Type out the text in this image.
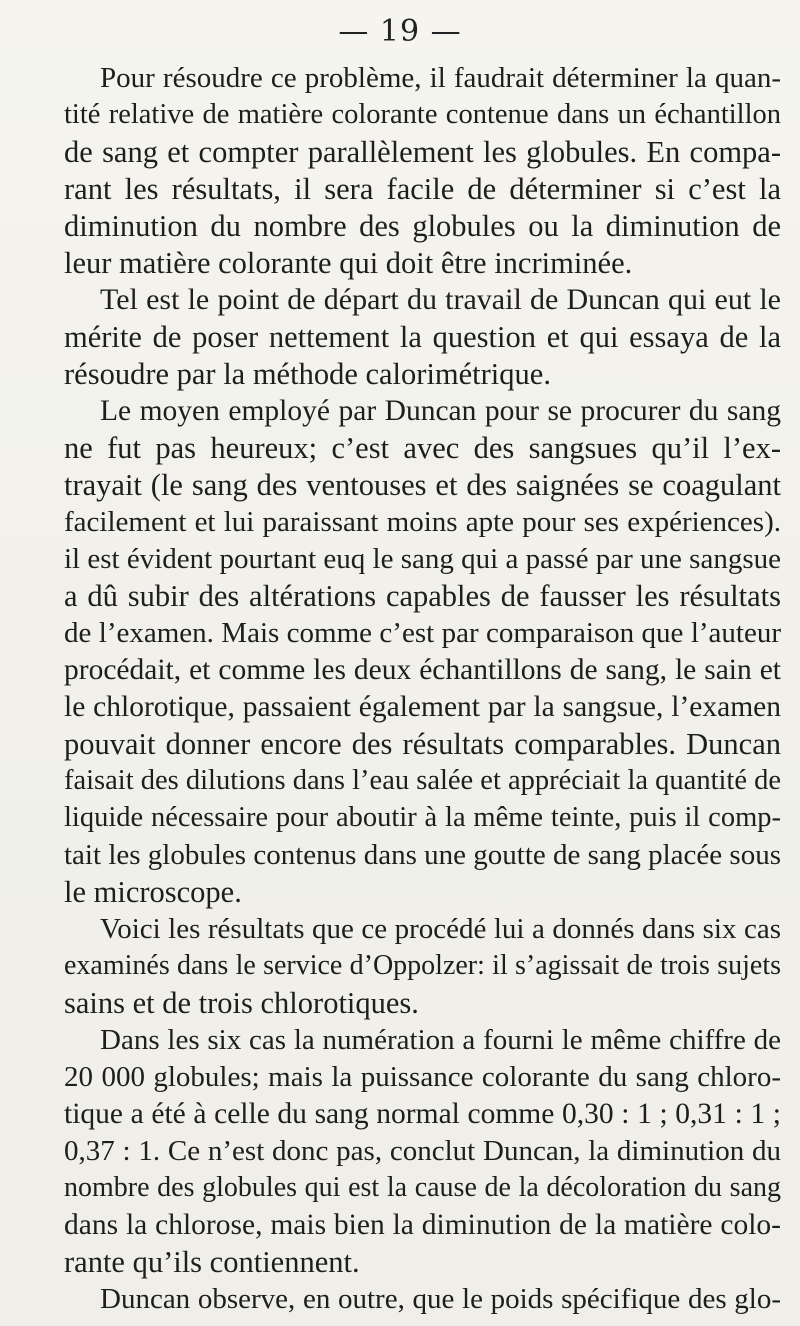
— 19 —
Pour résoudre ce problème, il faudrait déterminer la quan-
tité relative de matière colorante contenue dans un échantillon
de sang et compter parallèlement les globules. En compa-
rant les résultats, il sera facile de déterminer si c’est la
diminution du nombre des globules ou la diminution de
leur matière colorante qui doit être incriminée.
Tel est le point de départ du travail de Duncan qui eut le
mérite de poser nettement la question et qui essaya de la
résoudre par la méthode calorimétrique.
Le moyen employé par Duncan pour se procurer du sang
ne fut pas heureux; c’est avec des sangsues qu’il l’ex-
trayait (le sang des ventouses et des saignées se coagulant
facilement et lui paraissant moins apte pour ses expériences).
il est évident pourtant euq le sang qui a passé par une sangsue
a dû subir des altérations capables de fausser les résultats
de l’examen. Mais comme c’est par comparaison que l’auteur
procédait, et comme les deux échantillons de sang, le sain et
le chlorotique, passaient également par la sangsue, l’examen
pouvait donner encore des résultats comparables. Duncan
faisait des dilutions dans l’eau salée et appréciait la quantité de
liquide nécessaire pour aboutir à la même teinte, puis il comp-
tait les globules contenus dans une goutte de sang placée sous
le microscope.
Voici les résultats que ce procédé lui a donnés dans six cas
examinés dans le service d’Oppolzer: il s’agissait de trois sujets
sains et de trois chlorotiques.
Dans les six cas la numération a fourni le même chiffre de
20 000 globules; mais la puissance colorante du sang chloro-
tique a été à celle du sang normal comme 0,30 : 1 ; 0,31 : 1 ;
0,37 : 1. Ce n’est donc pas, conclut Duncan, la diminution du
nombre des globules qui est la cause de la décoloration du sang
dans la chlorose, mais bien la diminution de la matière colo-
rante qu’ils contiennent.
Duncan observe, en outre, que le poids spécifique des glo-
